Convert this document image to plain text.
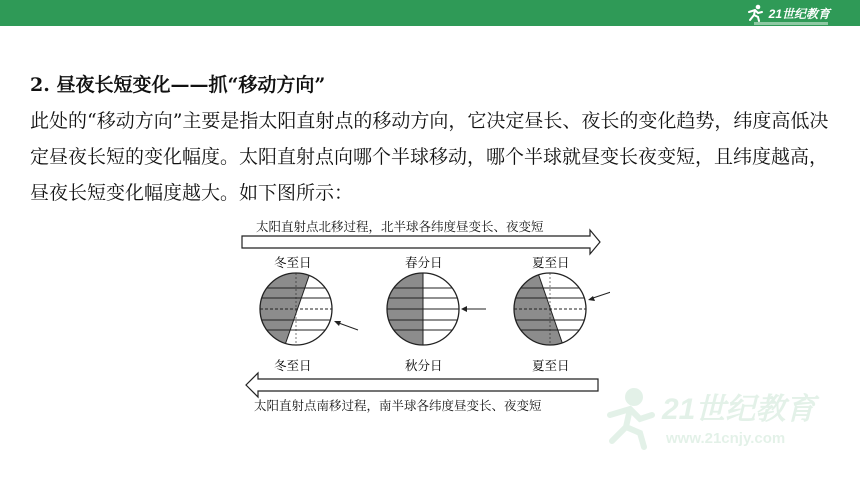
21世纪教育
2. 昼夜长短变化——抓“移动方向”
此处的“移动方向”主要是指太阳直射点的移动方向，它决定昼长、夜长的变化趋势，纬度高低决定昼夜长短的变化幅度。太阳直射点向哪个半球移动，哪个半球就昼变长夜变短，且纬度越高，昼夜长短变化幅度越大。如下图所示：
太阳直射点北移过程，北半球各纬度昼变长、夜变短
冬至日	春分日	夏至日
冬至日	秋分日	夏至日
太阳直射点南移过程，南半球各纬度昼变长、夜变短	21世纪教育
www.21cnjy.com
